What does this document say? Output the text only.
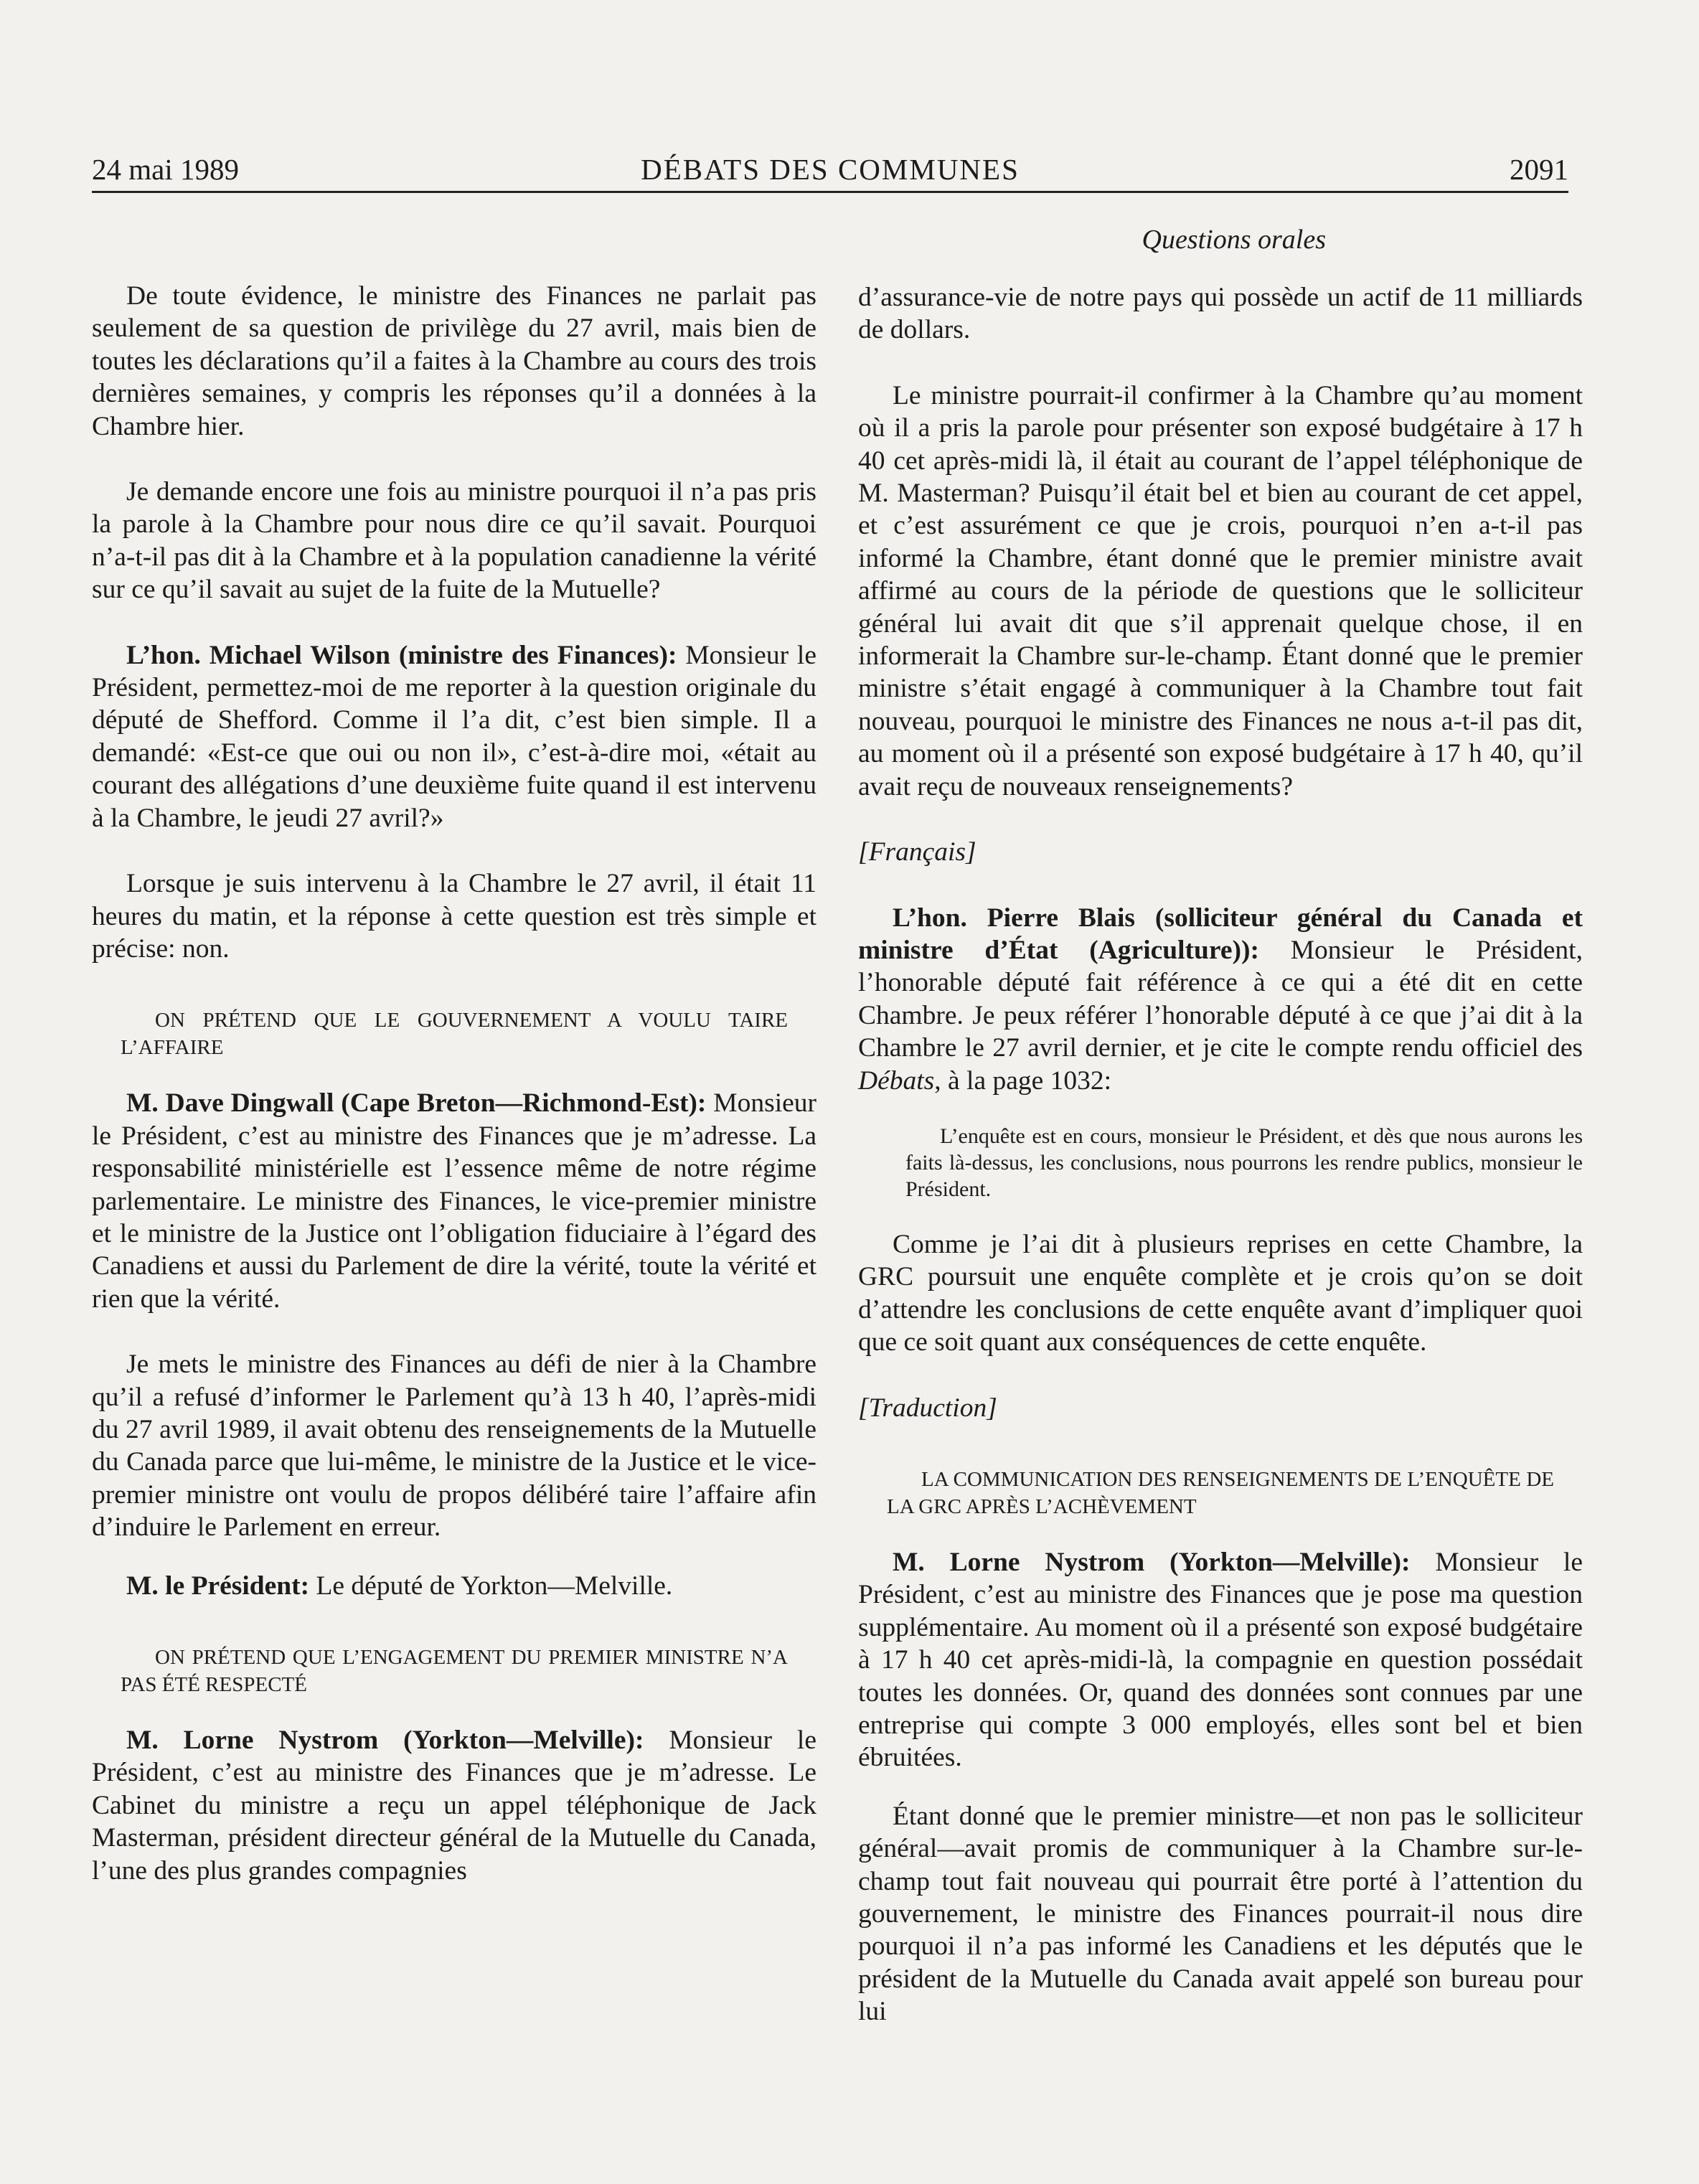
24 mai 1989	DÉBATS DES COMMUNES	2091
Questions orales

De toute évidence, le ministre des Finances ne parlait pas seulement de sa question de privilège du 27 avril, mais bien de toutes les déclarations qu’il a faites à la Chambre au cours des trois dernières semaines, y compris les réponses qu’il a données à la Chambre hier.

Je demande encore une fois au ministre pourquoi il n’a pas pris la parole à la Chambre pour nous dire ce qu’il savait. Pourquoi n’a-t-il pas dit à la Chambre et à la population canadienne la vérité sur ce qu’il savait au sujet de la fuite de la Mutuelle?

L’hon. Michael Wilson (ministre des Finances): Monsieur le Président, permettez-moi de me reporter à la question originale du député de Shefford. Comme il l’a dit, c’est bien simple. Il a demandé: «Est-ce que oui ou non il», c’est-à-dire moi, «était au courant des allégations d’une deuxième fuite quand il est intervenu à la Chambre, le jeudi 27 avril?»

Lorsque je suis intervenu à la Chambre le 27 avril, il était 11 heures du matin, et la réponse à cette question est très simple et précise: non.

ON PRÉTEND QUE LE GOUVERNEMENT A VOULU TAIRE L’AFFAIRE

M. Dave Dingwall (Cape Breton—Richmond-Est): Monsieur le Président, c’est au ministre des Finances que je m’adresse. La responsabilité ministérielle est l’essence même de notre régime parlementaire. Le ministre des Finances, le vice-premier ministre et le ministre de la Justice ont l’obligation fiduciaire à l’égard des Canadiens et aussi du Parlement de dire la vérité, toute la vérité et rien que la vérité.

Je mets le ministre des Finances au défi de nier à la Chambre qu’il a refusé d’informer le Parlement qu’à 13 h 40, l’après-midi du 27 avril 1989, il avait obtenu des renseignements de la Mutuelle du Canada parce que lui-même, le ministre de la Justice et le vice-premier ministre ont voulu de propos délibéré taire l’affaire afin d’induire le Parlement en erreur.

M. le Président: Le député de Yorkton—Melville.

ON PRÉTEND QUE L’ENGAGEMENT DU PREMIER MINISTRE N’A PAS ÉTÉ RESPECTÉ

M. Lorne Nystrom (Yorkton—Melville): Monsieur le Président, c’est au ministre des Finances que je m’adresse. Le Cabinet du ministre a reçu un appel téléphonique de Jack Masterman, président directeur général de la Mutuelle du Canada, l’une des plus grandes compagnies

d’assurance-vie de notre pays qui possède un actif de 11 milliards de dollars.

Le ministre pourrait-il confirmer à la Chambre qu’au moment où il a pris la parole pour présenter son exposé budgétaire à 17 h 40 cet après-midi là, il était au courant de l’appel téléphonique de M. Masterman? Puisqu’il était bel et bien au courant de cet appel, et c’est assurément ce que je crois, pourquoi n’en a-t-il pas informé la Chambre, étant donné que le premier ministre avait affirmé au cours de la période de questions que le solliciteur général lui avait dit que s’il apprenait quelque chose, il en informerait la Chambre sur-le-champ. Étant donné que le premier ministre s’était engagé à communiquer à la Chambre tout fait nouveau, pourquoi le ministre des Finances ne nous a-t-il pas dit, au moment où il a présenté son exposé budgétaire à 17 h 40, qu’il avait reçu de nouveaux renseignements?

[Français]

L’hon. Pierre Blais (solliciteur général du Canada et ministre d’État (Agriculture)): Monsieur le Président, l’honorable député fait référence à ce qui a été dit en cette Chambre. Je peux référer l’honorable député à ce que j’ai dit à la Chambre le 27 avril dernier, et je cite le compte rendu officiel des Débats, à la page 1032:

L’enquête est en cours, monsieur le Président, et dès que nous aurons les faits là-dessus, les conclusions, nous pourrons les rendre publics, monsieur le Président.

Comme je l’ai dit à plusieurs reprises en cette Chambre, la GRC poursuit une enquête complète et je crois qu’on se doit d’attendre les conclusions de cette enquête avant d’impliquer quoi que ce soit quant aux conséquences de cette enquête.

[Traduction]

LA COMMUNICATION DES RENSEIGNEMENTS DE L’ENQUÊTE DE LA GRC APRÈS L’ACHÈVEMENT

M. Lorne Nystrom (Yorkton—Melville): Monsieur le Président, c’est au ministre des Finances que je pose ma question supplémentaire. Au moment où il a présenté son exposé budgétaire à 17 h 40 cet après-midi-là, la compagnie en question possédait toutes les données. Or, quand des données sont connues par une entreprise qui compte 3 000 employés, elles sont bel et bien ébruitées.

Étant donné que le premier ministre—et non pas le solliciteur général—avait promis de communiquer à la Chambre sur-le-champ tout fait nouveau qui pourrait être porté à l’attention du gouvernement, le ministre des Finances pourrait-il nous dire pourquoi il n’a pas informé les Canadiens et les députés que le président de la Mutuelle du Canada avait appelé son bureau pour lui
